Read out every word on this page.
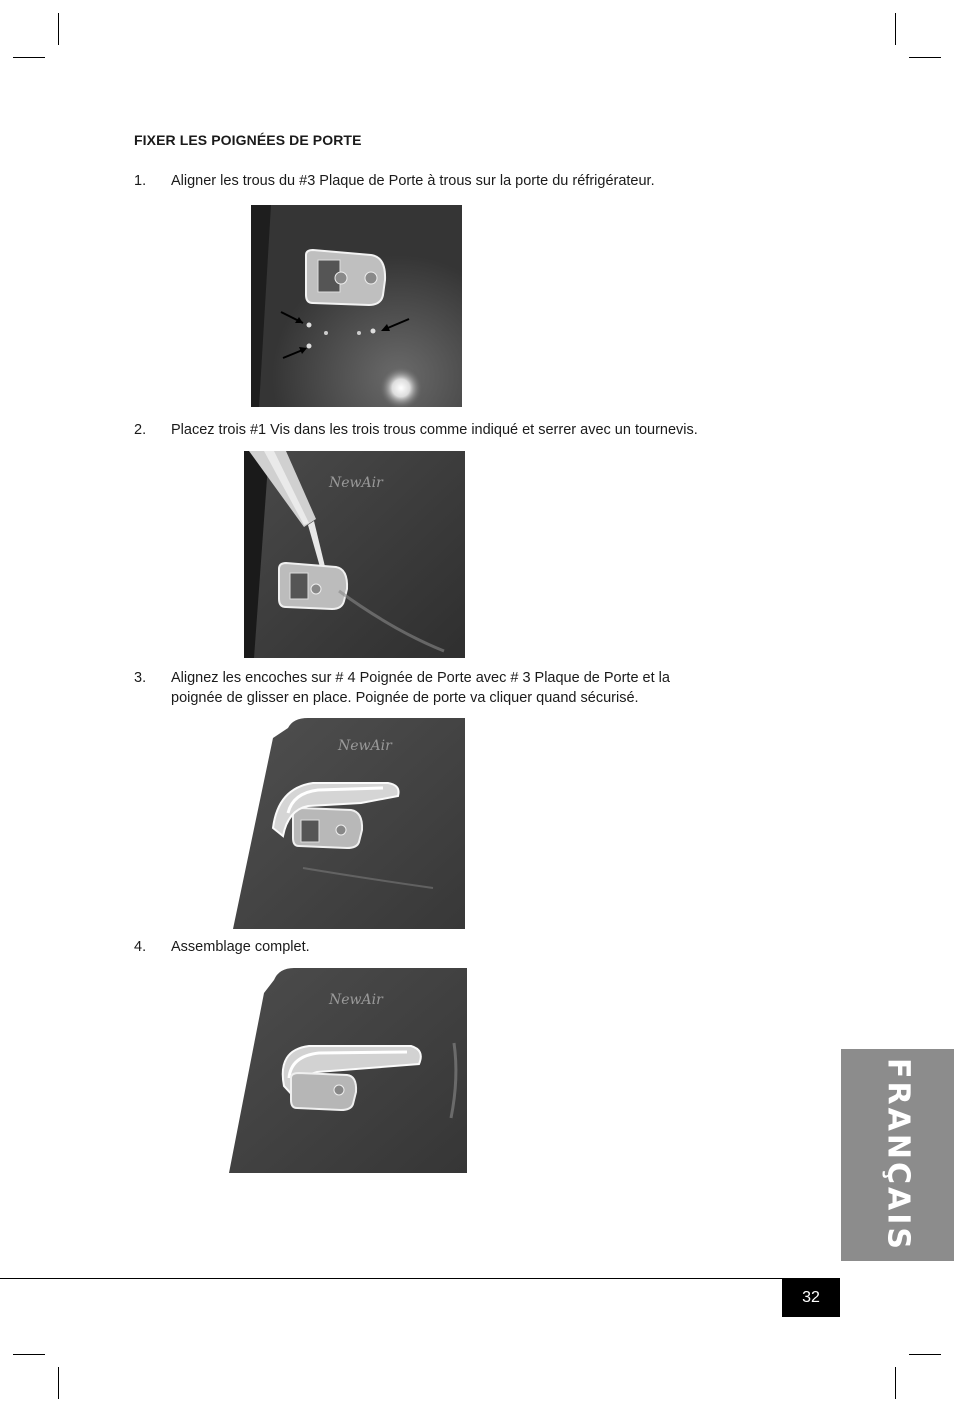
FIXER LES POIGNÉES DE PORTE
1.	Aligner les trous du #3 Plaque de Porte à trous sur la porte du réfrigérateur.
2.	Placez trois #1 Vis dans les trois trous comme indiqué et serrer avec un tournevis.
NewAir
3.	Alignez les encoches sur # 4 Poignée de Porte avec # 3 Plaque de Porte et la
poignée de glisser en place. Poignée de porte va cliquer quand sécurisé.
NewAir
4.	Assemblage complet.
NewAir
FRANÇAIS
32
